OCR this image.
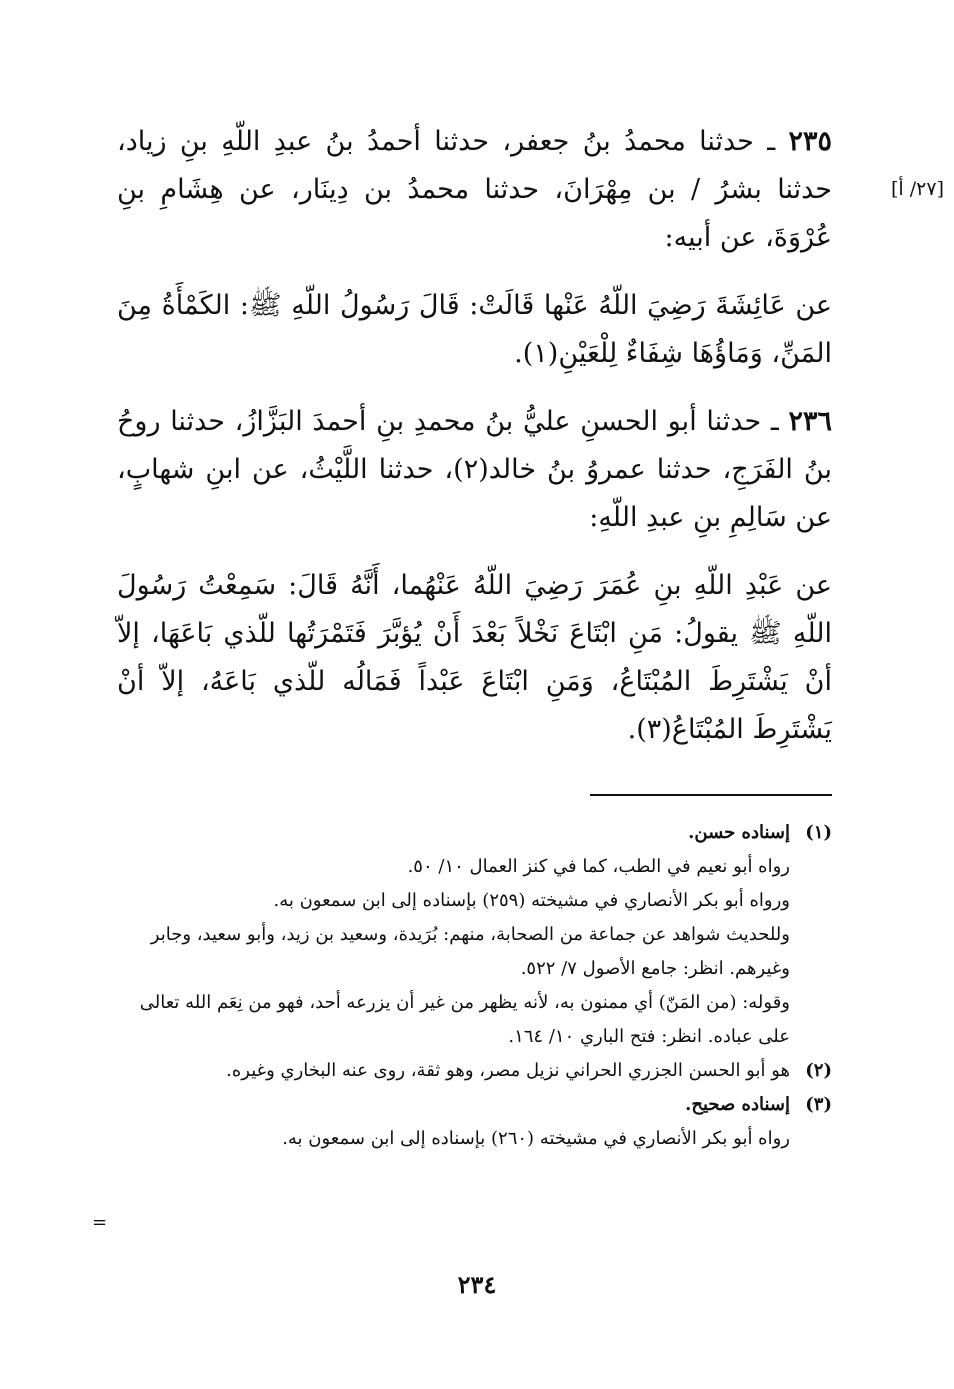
[٢٧/ أ]

٢٣٥ ـ حدثنا محمدُ بنُ جعفر، حدثنا أحمدُ بنُ عبدِ اللّهِ بنِ زياد، حدثنا بشرُ / بن مِهْرَانَ، حدثنا محمدُ بن دِينَار، عن هِشَامِ بنِ عُرْوَةَ، عن أبيه:

عن عَائِشَةَ رَضِيَ اللّهُ عَنْها قَالَتْ: قَالَ رَسُولُ اللّهِ ﷺ: الكَمْأَةُ مِنَ المَنِّ، وَمَاؤُهَا شِفَاءٌ لِلْعَيْنِ(١).

٢٣٦ ـ حدثنا أبو الحسنِ عليُّ بنُ محمدِ بنِ أحمدَ البَزَّازُ، حدثنا روحُ بنُ الفَرَجِ، حدثنا عمروُ بنُ خالد(٢)، حدثنا اللَّيْثُ، عن ابنِ شهابٍ، عن سَالِمِ بنِ عبدِ اللّهِ:

عن عَبْدِ اللّهِ بنِ عُمَرَ رَضِيَ اللّهُ عَنْهُما، أَنَّهُ قَالَ: سَمِعْتُ رَسُولَ اللّهِ ﷺ يقولُ: مَنِ ابْتَاعَ نَخْلاً بَعْدَ أَنْ يُؤبَّرَ فَتَمْرَتُها للّذي بَاعَهَا، إلاّ أنْ يَشْتَرِطَ المُبْتَاعُ، وَمَنِ ابْتَاعَ عَبْداً فَمَالُه للّذي بَاعَهُ، إلاّ أنْ يَشْتَرِطَ المُبْتَاعُ(٣).

(١)

إسناده حسن.

رواه أبو نعيم في الطب، كما في كنز العمال ١٠/ ٥٠.

ورواه أبو بكر الأنصاري في مشيخته (٢٥٩) بإسناده إلى ابن سمعون به.

وللحديث شواهد عن جماعة من الصحابة، منهم: بُرَيدة، وسعيد بن زيد، وأبو سعيد، وجابر وغيرهم. انظر: جامع الأصول ٧/ ٥٢٢.

وقوله: (من المَنّ) أي ممنون به، لأنه يظهر من غير أن يزرعه أحد، فهو من نِعَم الله تعالى على عباده. انظر: فتح الباري ١٠/ ١٦٤.

(٢)

هو أبو الحسن الجزري الحراني نزيل مصر، وهو ثقة، روى عنه البخاري وغيره.

(٣)

إسناده صحيح.

رواه أبو بكر الأنصاري في مشيخته (٢٦٠) بإسناده إلى ابن سمعون به.

=
٢٣٤
